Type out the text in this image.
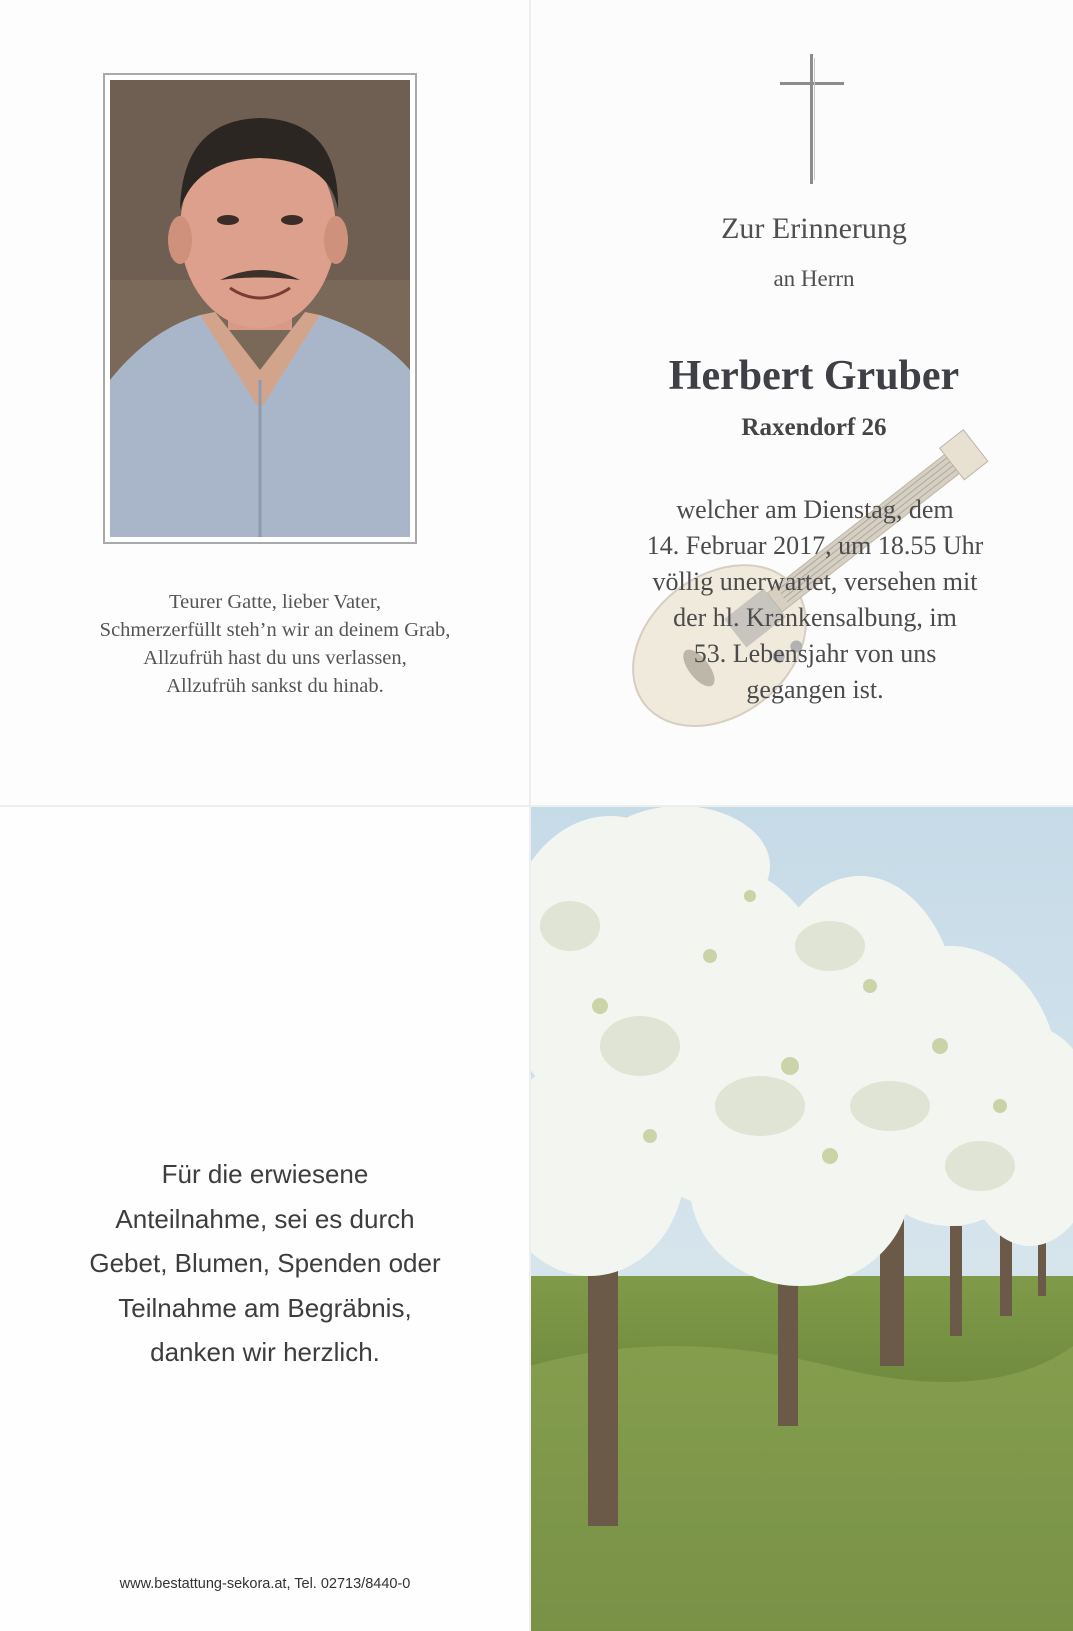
Teurer Gatte, lieber Vater,
Schmerzerfüllt steh’n wir an deinem Grab,
Allzufrüh hast du uns verlassen,
Allzufrüh sankst du hinab.
Zur Erinnerung
an Herrn
Herbert Gruber
Raxendorf 26
welcher am Dienstag, dem
14. Februar 2017, um 18.55 Uhr
völlig unerwartet, versehen mit
der hl. Krankensalbung, im
53. Lebensjahr von uns
gegangen ist.
Für die erwiesene
Anteilnahme, sei es durch
Gebet, Blumen, Spenden oder
Teilnahme am Begräbnis,
danken wir herzlich.
www.bestattung-sekora.at, Tel. 02713/8440-0
